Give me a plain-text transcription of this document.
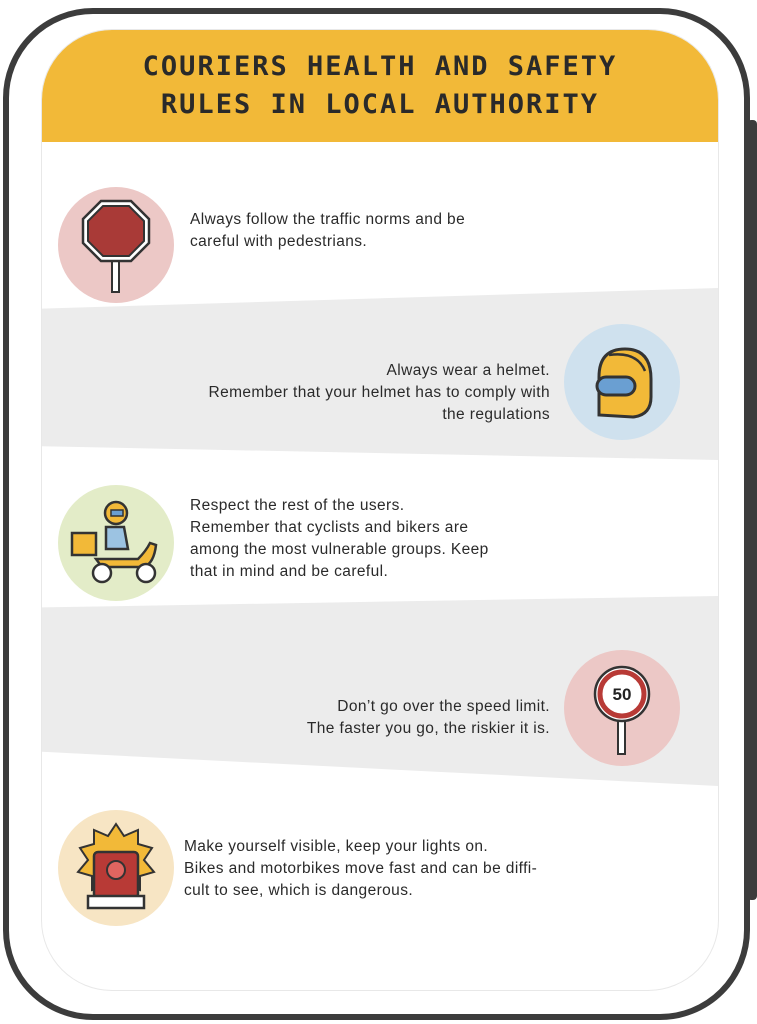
COURIERS HEALTH AND SAFETY
RULES IN LOCAL AUTHORITY
Always follow the traffic norms and be
careful with pedestrians.
Always wear a helmet.
Remember that your helmet has to comply with
the regulations
Respect the rest of the users.
Remember that cyclists and bikers are
among the most vulnerable groups. Keep
that in mind and be careful.
50
Don’t go over the speed limit.
The faster you go, the riskier it is.
Make yourself visible, keep your lights on.
Bikes and motorbikes move fast and can be diffi-
cult to see, which is dangerous.
